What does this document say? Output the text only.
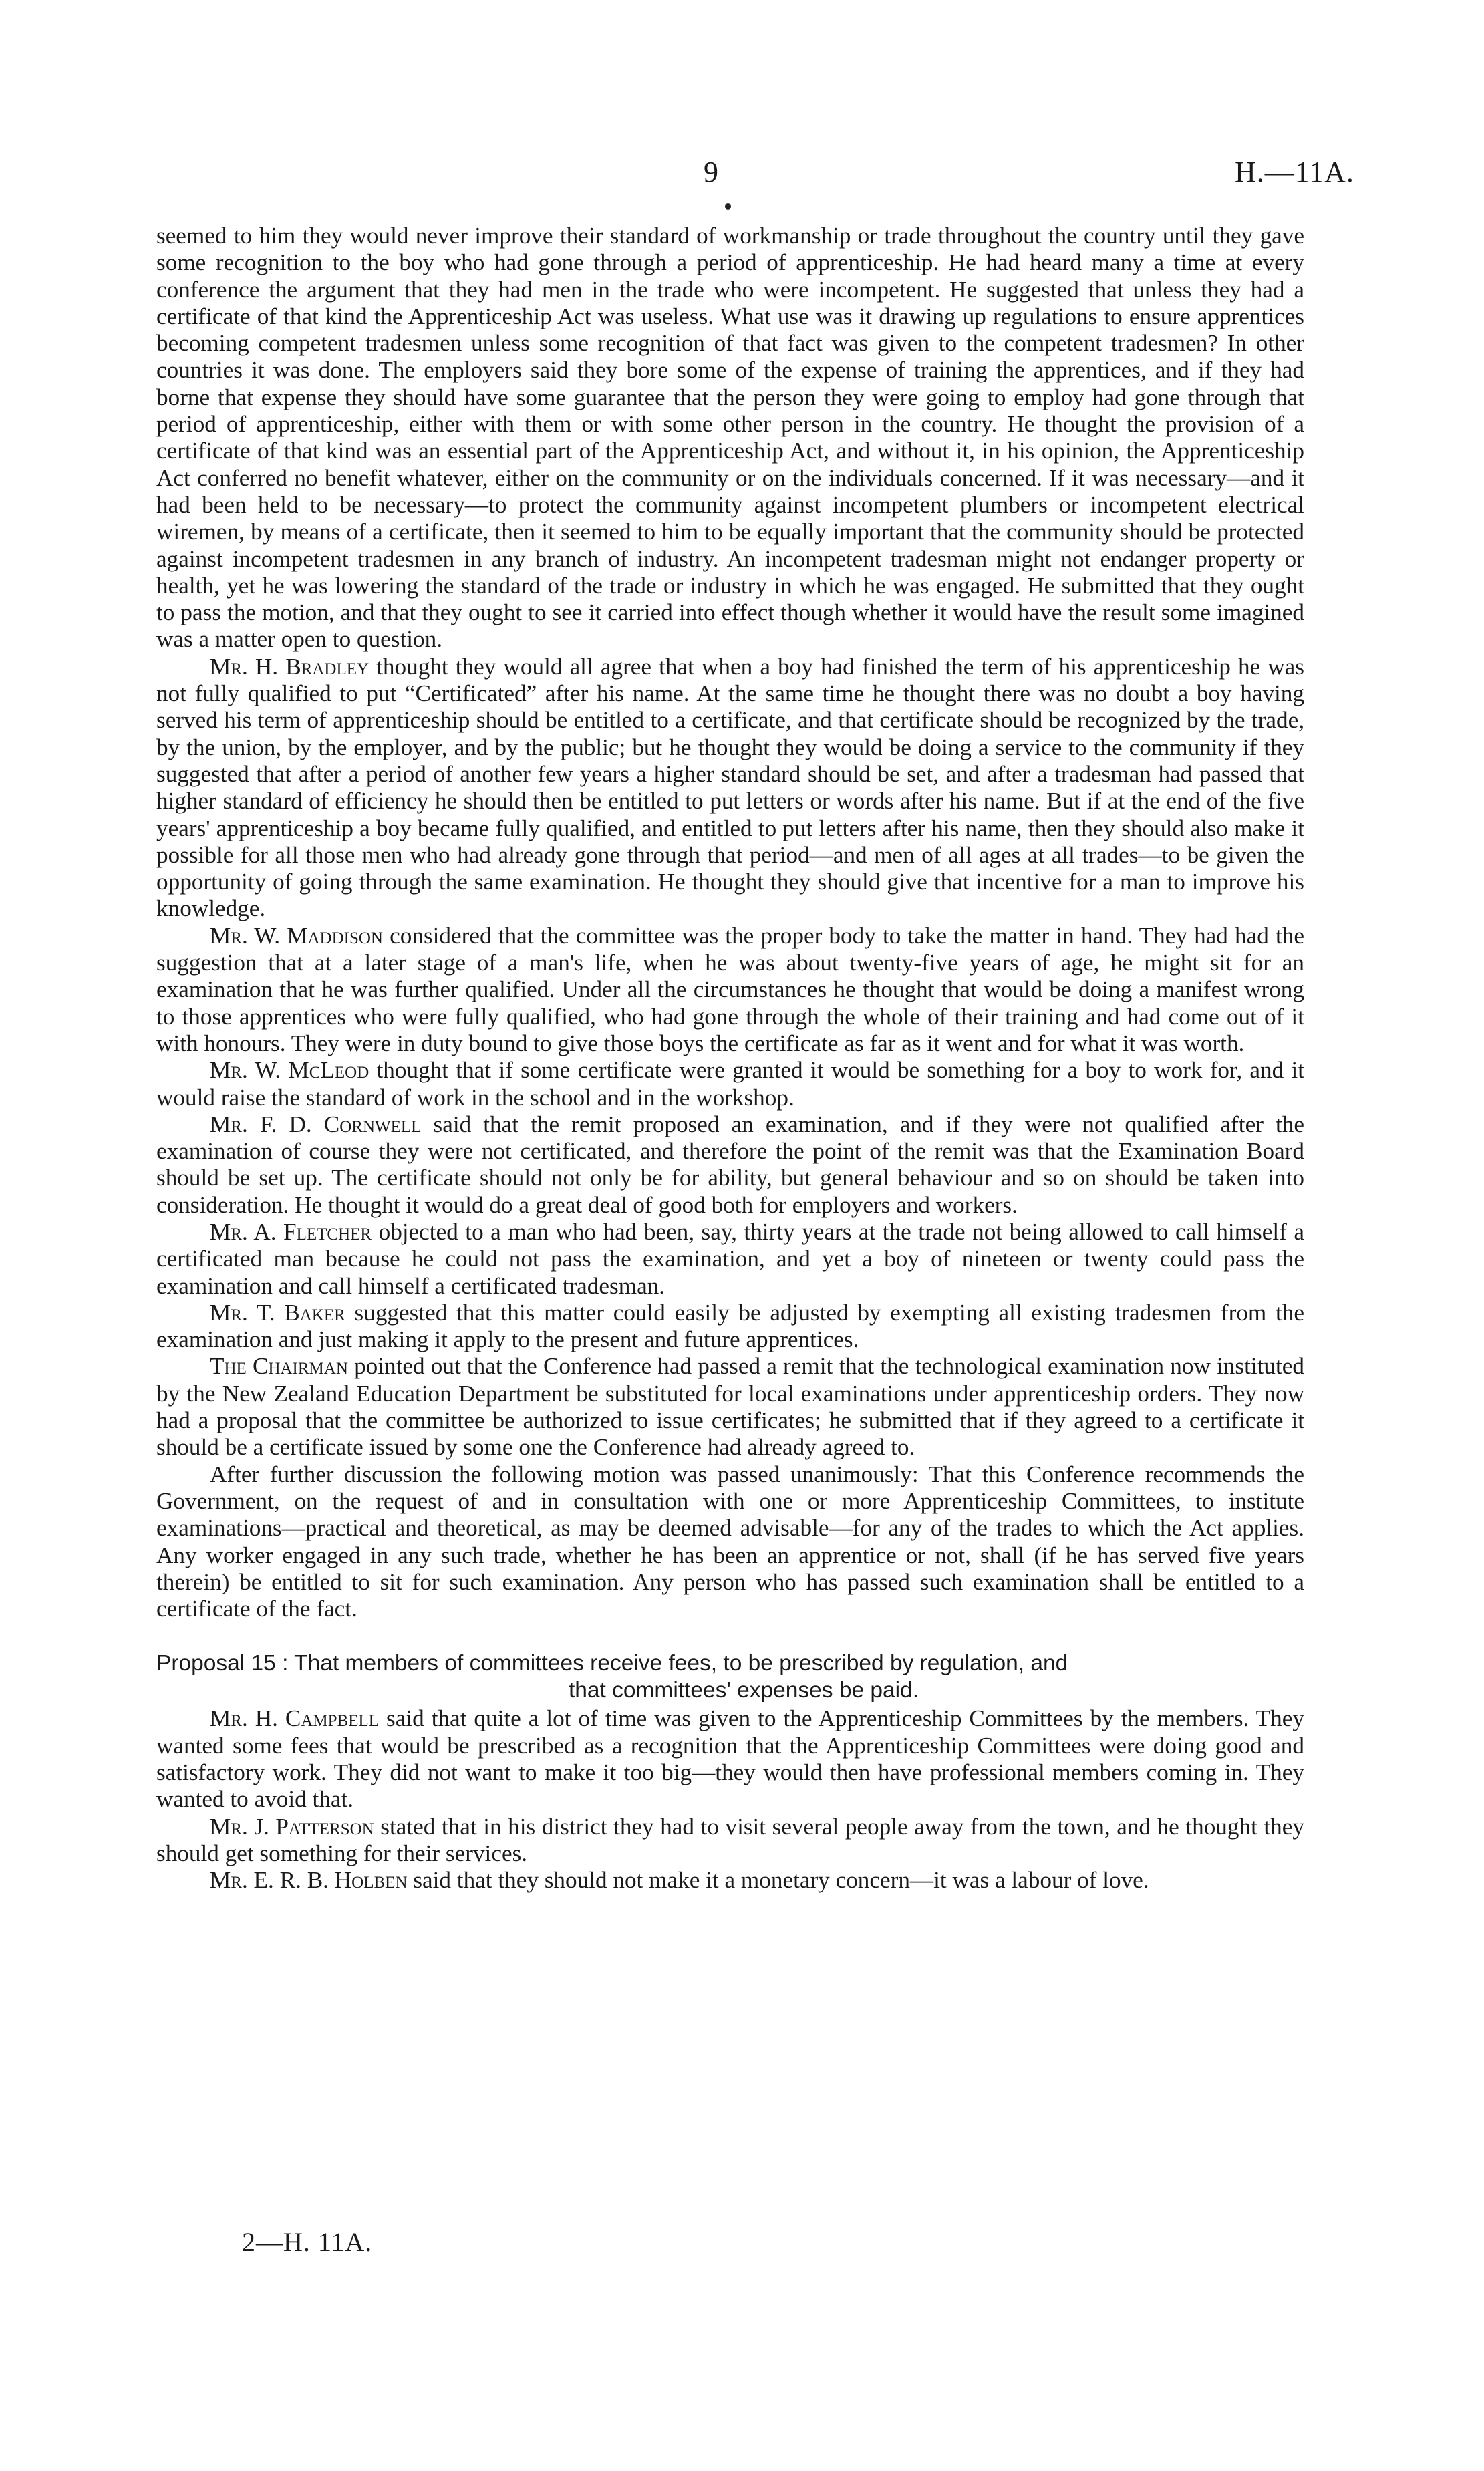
9	H.—11A.

seemed to him they would never improve their standard of workmanship or trade throughout the country until they gave some recognition to the boy who had gone through a period of apprenticeship. He had heard many a time at every conference the argument that they had men in the trade who were incompetent. He suggested that unless they had a certificate of that kind the Apprenticeship Act was useless. What use was it drawing up regulations to ensure apprentices becoming competent tradesmen unless some recognition of that fact was given to the competent tradesmen? In other countries it was done. The employers said they bore some of the expense of training the apprentices, and if they had borne that expense they should have some guarantee that the person they were going to employ had gone through that period of apprenticeship, either with them or with some other person in the country. He thought the provision of a certificate of that kind was an essential part of the Apprenticeship Act, and without it, in his opinion, the Apprenticeship Act conferred no benefit whatever, either on the community or on the individuals concerned. If it was necessary—and it had been held to be necessary—to protect the community against incompetent plumbers or incompetent electrical wiremen, by means of a certificate, then it seemed to him to be equally important that the community should be protected against incompetent tradesmen in any branch of industry. An incompetent tradesman might not endanger property or health, yet he was lowering the standard of the trade or industry in which he was engaged. He submitted that they ought to pass the motion, and that they ought to see it carried into effect though whether it would have the result some imagined was a matter open to question.

Mr. H. Bradley thought they would all agree that when a boy had finished the term of his apprenticeship he was not fully qualified to put “Certificated” after his name. At the same time he thought there was no doubt a boy having served his term of apprenticeship should be entitled to a certificate, and that certificate should be recognized by the trade, by the union, by the employer, and by the public; but he thought they would be doing a service to the community if they suggested that after a period of another few years a higher standard should be set, and after a tradesman had passed that higher standard of efficiency he should then be entitled to put letters or words after his name. But if at the end of the five years' apprenticeship a boy became fully qualified, and entitled to put letters after his name, then they should also make it possible for all those men who had already gone through that period—and men of all ages at all trades—to be given the opportunity of going through the same examination. He thought they should give that incentive for a man to improve his knowledge.

Mr. W. Maddison considered that the committee was the proper body to take the matter in hand. They had had the suggestion that at a later stage of a man's life, when he was about twenty-five years of age, he might sit for an examination that he was further qualified. Under all the circumstances he thought that would be doing a manifest wrong to those apprentices who were fully qualified, who had gone through the whole of their training and had come out of it with honours. They were in duty bound to give those boys the certificate as far as it went and for what it was worth.

Mr. W. McLeod thought that if some certificate were granted it would be something for a boy to work for, and it would raise the standard of work in the school and in the workshop.

Mr. F. D. Cornwell said that the remit proposed an examination, and if they were not qualified after the examination of course they were not certificated, and therefore the point of the remit was that the Examination Board should be set up. The certificate should not only be for ability, but general behaviour and so on should be taken into consideration. He thought it would do a great deal of good both for employers and workers.

Mr. A. Fletcher objected to a man who had been, say, thirty years at the trade not being allowed to call himself a certificated man because he could not pass the examination, and yet a boy of nineteen or twenty could pass the examination and call himself a certificated tradesman.

Mr. T. Baker suggested that this matter could easily be adjusted by exempting all existing tradesmen from the examination and just making it apply to the present and future apprentices.

The Chairman pointed out that the Conference had passed a remit that the technological examination now instituted by the New Zealand Education Department be substituted for local examinations under apprenticeship orders. They now had a proposal that the committee be authorized to issue certificates; he submitted that if they agreed to a certificate it should be a certificate issued by some one the Conference had already agreed to.

After further discussion the following motion was passed unanimously: That this Conference recommends the Government, on the request of and in consultation with one or more Apprenticeship Committees, to institute examinations—practical and theoretical, as may be deemed advisable—for any of the trades to which the Act applies. Any worker engaged in any such trade, whether he has been an apprentice or not, shall (if he has served five years therein) be entitled to sit for such examination. Any person who has passed such examination shall be entitled to a certificate of the fact.

Proposal 15 : That members of committees receive fees, to be prescribed by regulation, and
that committees' expenses be paid.

Mr. H. Campbell said that quite a lot of time was given to the Apprenticeship Committees by the members. They wanted some fees that would be prescribed as a recognition that the Apprenticeship Committees were doing good and satisfactory work. They did not want to make it too big—they would then have professional members coming in. They wanted to avoid that.

Mr. J. Patterson stated that in his district they had to visit several people away from the town, and he thought they should get something for their services.

Mr. E. R. B. Holben said that they should not make it a monetary concern—it was a labour of love.

2—H. 11A.
